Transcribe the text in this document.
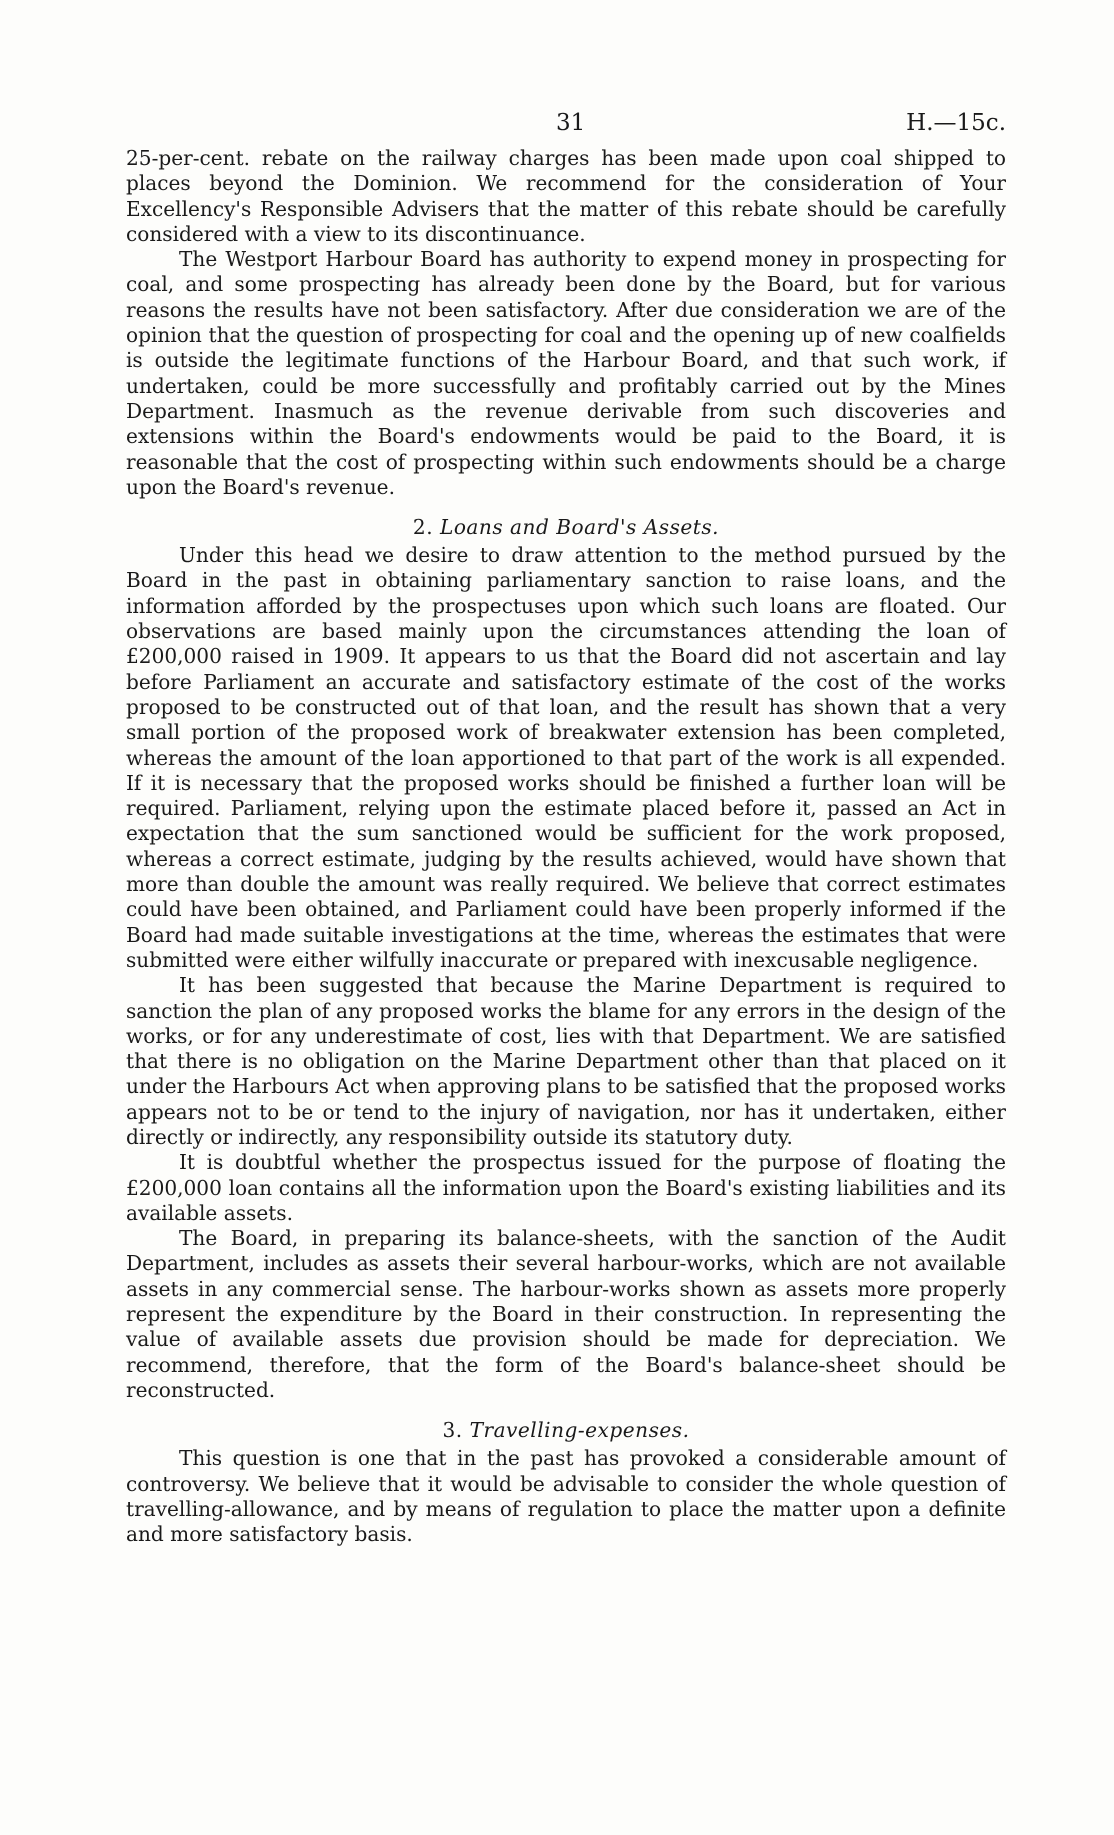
31	H.—15c.

25-per-cent. rebate on the railway charges has been made upon coal shipped to places beyond the Dominion. We recommend for the consideration of Your Excellency's Responsible Advisers that the matter of this rebate should be carefully considered with a view to its discontinuance.

The Westport Harbour Board has authority to expend money in prospecting for coal, and some prospecting has already been done by the Board, but for various reasons the results have not been satisfactory. After due consideration we are of the opinion that the question of prospecting for coal and the opening up of new coalfields is outside the legitimate functions of the Harbour Board, and that such work, if undertaken, could be more successfully and profitably carried out by the Mines Department. Inasmuch as the revenue derivable from such discoveries and extensions within the Board's endowments would be paid to the Board, it is reasonable that the cost of prospecting within such endowments should be a charge upon the Board's revenue.

2. Loans and Board's Assets.

Under this head we desire to draw attention to the method pursued by the Board in the past in obtaining parliamentary sanction to raise loans, and the information afforded by the prospectuses upon which such loans are floated. Our observations are based mainly upon the circumstances attending the loan of £200,000 raised in 1909. It appears to us that the Board did not ascertain and lay before Parliament an accurate and satisfactory estimate of the cost of the works proposed to be constructed out of that loan, and the result has shown that a very small portion of the proposed work of breakwater extension has been completed, whereas the amount of the loan apportioned to that part of the work is all expended. If it is necessary that the proposed works should be finished a further loan will be required. Parliament, relying upon the estimate placed before it, passed an Act in expectation that the sum sanctioned would be sufficient for the work proposed, whereas a correct estimate, judging by the results achieved, would have shown that more than double the amount was really required. We believe that correct estimates could have been obtained, and Parliament could have been properly informed if the Board had made suitable investigations at the time, whereas the estimates that were submitted were either wilfully inaccurate or prepared with inexcusable negligence.

It has been suggested that because the Marine Department is required to sanction the plan of any proposed works the blame for any errors in the design of the works, or for any underestimate of cost, lies with that Department. We are satisfied that there is no obligation on the Marine Department other than that placed on it under the Harbours Act when approving plans to be satisfied that the proposed works appears not to be or tend to the injury of navigation, nor has it undertaken, either directly or indirectly, any responsibility outside its statutory duty.

It is doubtful whether the prospectus issued for the purpose of floating the £200,000 loan contains all the information upon the Board's existing liabilities and its available assets.

The Board, in preparing its balance-sheets, with the sanction of the Audit Department, includes as assets their several harbour-works, which are not available assets in any commercial sense. The harbour-works shown as assets more properly represent the expenditure by the Board in their construction. In representing the value of available assets due provision should be made for depreciation. We recommend, therefore, that the form of the Board's balance-sheet should be reconstructed.

3. Travelling-expenses.

This question is one that in the past has provoked a considerable amount of controversy. We believe that it would be advisable to consider the whole question of travelling-allowance, and by means of regulation to place the matter upon a definite and more satisfactory basis.
